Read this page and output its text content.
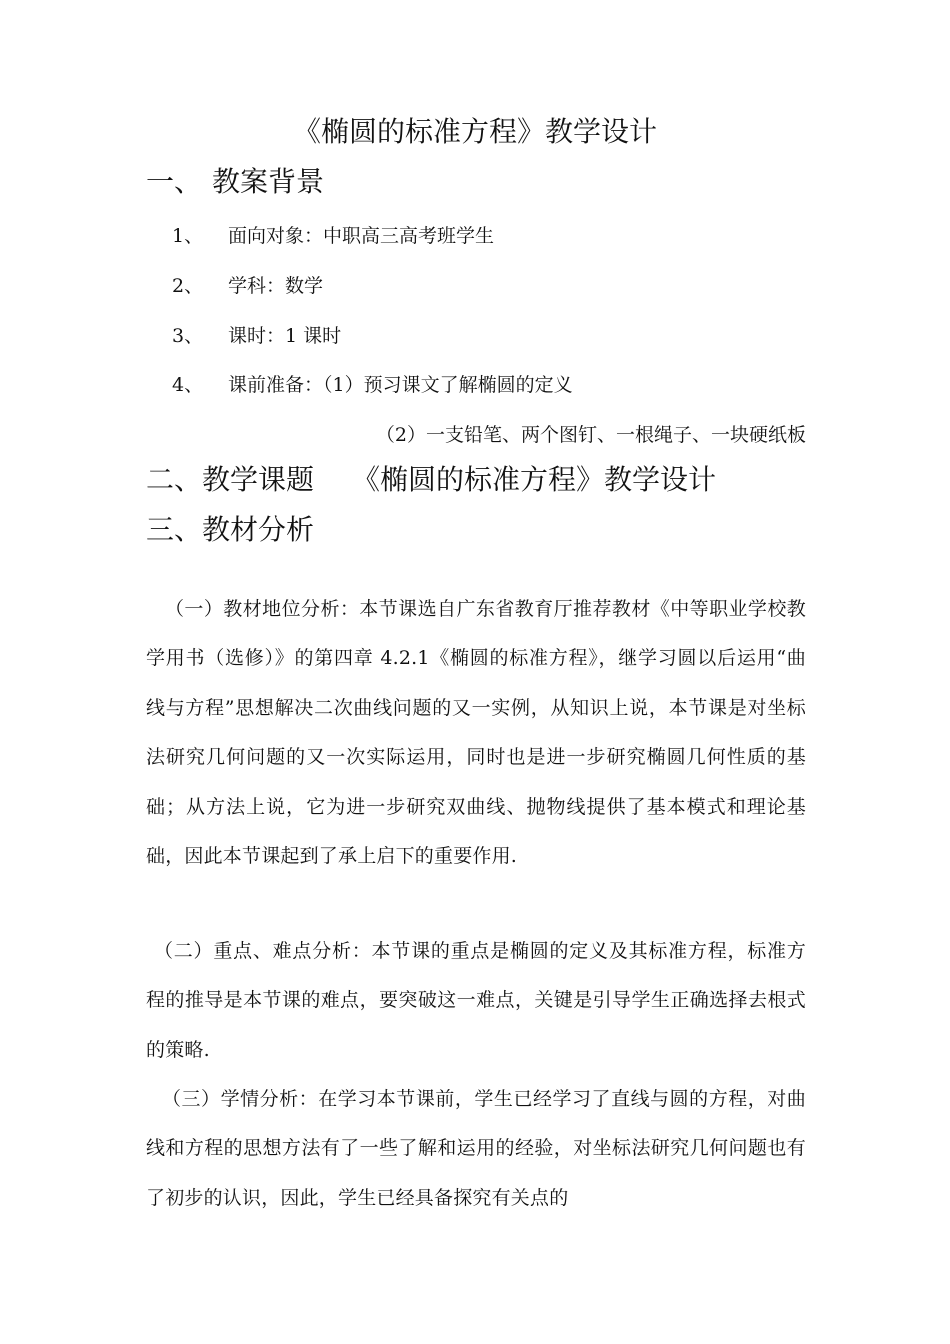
《椭圆的标准方程》教学设计
一、 教案背景
1、 面向对象：中职高三高考班学生
2、 学科：数学
3、 课时：1 课时
4、 课前准备：（1）预习课文了解椭圆的定义
（2）一支铅笔、两个图钉、一根绳子、一块硬纸板
二、教学课题 《椭圆的标准方程》教学设计
三、教材分析

（一）教材地位分析：本节课选自广东省教育厅推荐教材《中等职业学校教学用书（选修）》的第四章 4.2.1《椭圆的标准方程》，继学习圆以后运用“曲线与方程”思想解决二次曲线问题的又一实例，从知识上说，本节课是对坐标法研究几何问题的又一次实际运用，同时也是进一步研究椭圆几何性质的基础；从方法上说，它为进一步研究双曲线、抛物线提供了基本模式和理论基础，因此本节课起到了承上启下的重要作用.

（二）重点、难点分析：本节课的重点是椭圆的定义及其标准方程，标准方程的推导是本节课的难点，要突破这一难点，关键是引导学生正确选择去根式的策略.

（三）学情分析：在学习本节课前，学生已经学习了直线与圆的方程，对曲线和方程的思想方法有了一些了解和运用的经验，对坐标法研究几何问题也有了初步的认识，因此，学生已经具备探究有关点的
